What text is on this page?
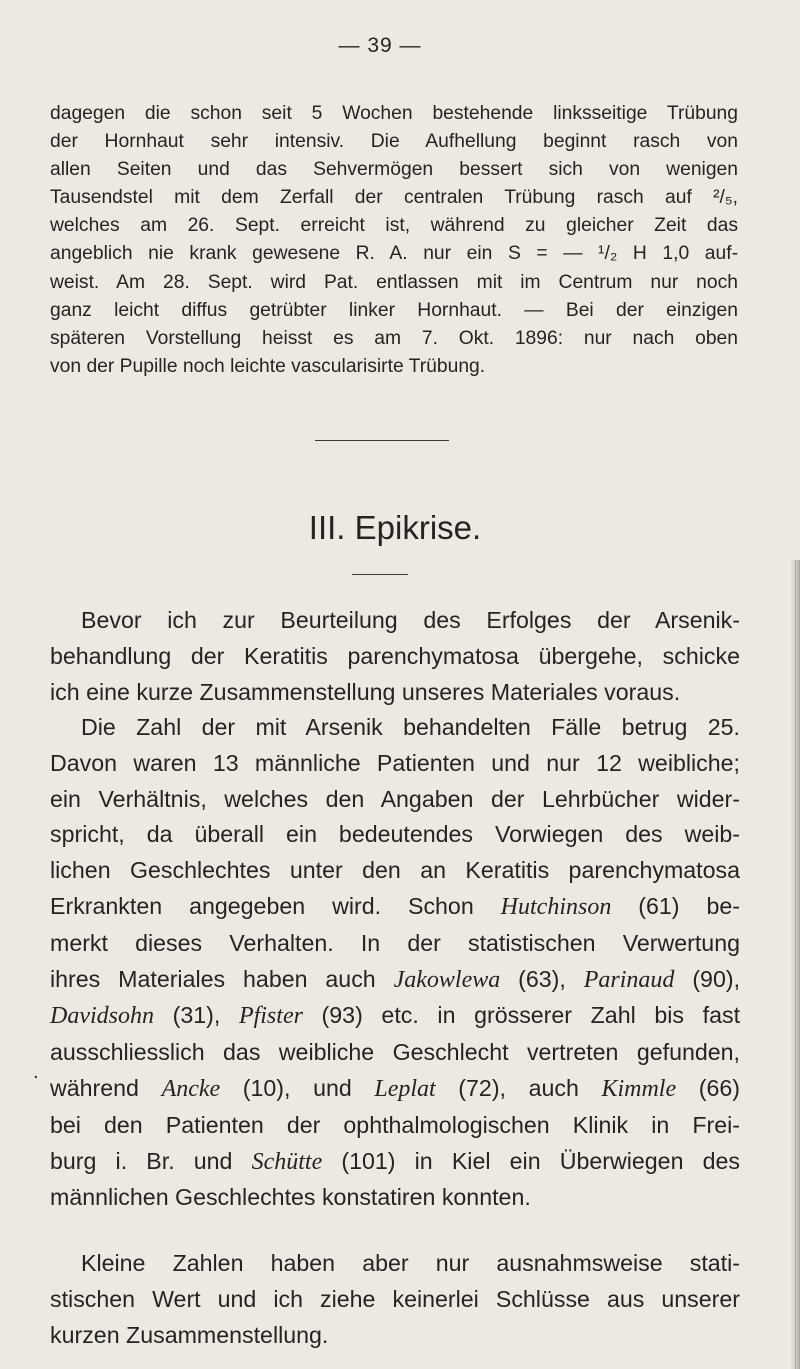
— 39 —
dagegen die schon seit 5 Wochen bestehende linksseitige Trübung
der Hornhaut sehr intensiv. Die Aufhellung beginnt rasch von
allen Seiten und das Sehvermögen bessert sich von wenigen
Tausendstel mit dem Zerfall der centralen Trübung rasch auf ²/₅,
welches am 26. Sept. erreicht ist, während zu gleicher Zeit das
angeblich nie krank gewesene R. A. nur ein S = — ¹/₂ H 1,0 auf-
weist. Am 28. Sept. wird Pat. entlassen mit im Centrum nur noch
ganz leicht diffus getrübter linker Hornhaut. — Bei der einzigen
späteren Vorstellung heisst es am 7. Okt. 1896: nur nach oben
von der Pupille noch leichte vascularisirte Trübung.
III. Epikrise.
Bevor ich zur Beurteilung des Erfolges der Arsenik-
behandlung der Keratitis parenchymatosa übergehe, schicke
ich eine kurze Zusammenstellung unseres Materiales voraus.
Die Zahl der mit Arsenik behandelten Fälle betrug 25.
Davon waren 13 männliche Patienten und nur 12 weibliche;
ein Verhältnis, welches den Angaben der Lehrbücher wider-
spricht, da überall ein bedeutendes Vorwiegen des weib-
lichen Geschlechtes unter den an Keratitis parenchymatosa
Erkrankten angegeben wird. Schon Hutchinson (61) be-
merkt dieses Verhalten. In der statistischen Verwertung
ihres Materiales haben auch Jakowlewa (63), Parinaud (90),
Davidsohn (31), Pfister (93) etc. in grösserer Zahl bis fast
ausschliesslich das weibliche Geschlecht vertreten gefunden,
während Ancke (10), und Leplat (72), auch Kimmle (66)
bei den Patienten der ophthalmologischen Klinik in Frei-
burg i. Br. und Schütte (101) in Kiel ein Überwiegen des
männlichen Geschlechtes konstatiren konnten.
Kleine Zahlen haben aber nur ausnahmsweise stati-
stischen Wert und ich ziehe keinerlei Schlüsse aus unserer
kurzen Zusammenstellung.
.
